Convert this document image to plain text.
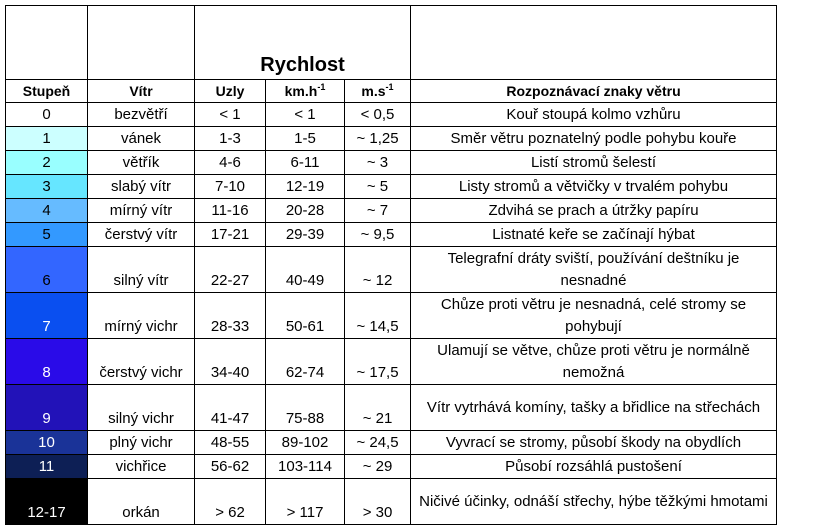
		Rychlost			
Stupeň	Vítr	Uzly	$km.h^{-1}$	$m.s^{-1}$	Rozpoznávací znaky větru
0	bezvětří	< 1	< 1	< 0,5	Kouř stoupá kolmo vzhůru
1	vánek	1-3	1-5	~ 1,25	Směr větru poznatelný podle pohybu kouře
2	větřík	4-6	6-11	~ 3	Listí stromů šelestí
3	slabý vítr	7-10	12-19	~ 5	Listy stromů a větvičky v trvalém pohybu
4	mírný vítr	11-16	20-28	~ 7	Zdvihá se prach a útržky papíru
5	čerstvý vítr	17-21	29-39	~ 9,5	Listnaté keře se začínají hýbat
6	silný vítr	22-27	40-49	~ 12	Telegrafní dráty sviští, používání deštníku je nesnadné
7	mírný vichr	28-33	50-61	~ 14,5	Chůze proti větru je nesnadná, celé stromy se pohybují
8	čerstvý vichr	34-40	62-74	~ 17,5	Ulamují se větve, chůze proti větru je normálně nemožná
9	silný vichr	41-47	75-88	~ 21	Vítr vytrhává komíny, tašky a břidlice na střechách
10	plný vichr	48-55	89-102	~ 24,5	Vyvrací se stromy, působí škody na obydlích
11	vichřice	56-62	103-114	~ 29	Působí rozsáhlá pustošení
12-17	orkán	> 62	> 117	> 30	Ničivé účinky, odnáší střechy, hýbe těžkými hmotami
